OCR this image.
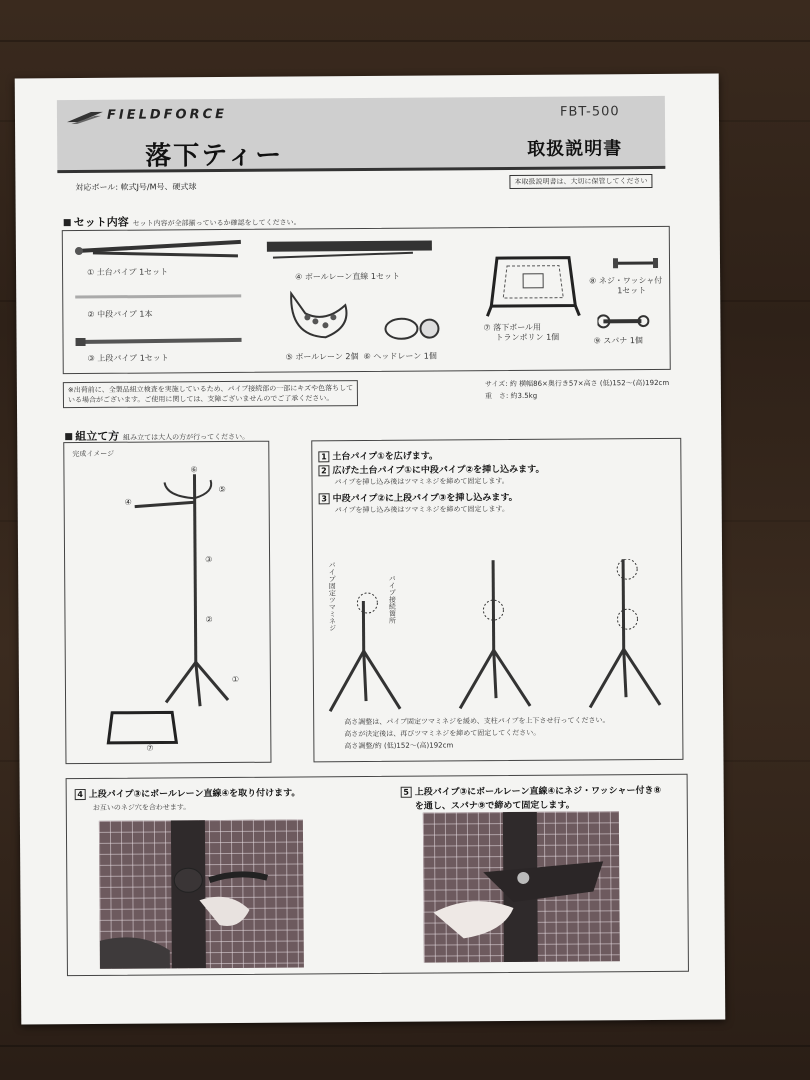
FIELDFORCE	FBT-500
落下ティー	取扱説明書
対応ボール: 軟式J号/M号、硬式球
本取扱説明書は、大切に保管してください
セット内容 セット内容が全部揃っているか確認をしてください。
① 土台パイプ 1セット
② 中段パイプ 1本
③ 上段パイプ 1セット
④ ボールレーン直線 1セット
⑤ ボールレーン 2個 ⑥ ヘッドレーン 1個
⑦ 落下ボール用
トランポリン 1個
⑧ ネジ・ワッシャ付
1セット
⑨ スパナ 1個
※出荷前に、全製品組立検査を実施しているため、パイプ接続部の一部にキズや色落ちして
いる場合がございます。ご使用に関しては、支障ございませんのでご了承ください。
サイズ: 約 横幅86×奥行き57×高さ (低)152〜(高)192cm
重　さ: 約3.5kg
組立て方 組み立ては大人の方が行ってください。
完成イメージ
⑥
④
⑤
③
②
①
⑦
1 土台パイプ①を広げます。
2 広げた土台パイプ①に中段パイプ②を挿し込みます。
パイプを挿し込み後はツマミネジを締めて固定します。
3 中段パイプ②に上段パイプ③を挿し込みます。
パイプを挿し込み後はツマミネジを締めて固定します。
パイプ固定ツマミネジ	パイプ接続箇所
高さ調整は、パイプ固定ツマミネジを緩め、支柱パイプを上下させ行ってください。
高さが決定後は、再びツマミネジを締めて固定してください。
高さ調整/約 (低)152〜(高)192cm
4 上段パイプ③にボールレーン直線④を取り付けます。
お互いのネジ穴を合わせます。
5 上段パイプ③にボールレーン直線④にネジ・ワッシャー付き⑧
を通し、スパナ⑨で締めて固定します。
